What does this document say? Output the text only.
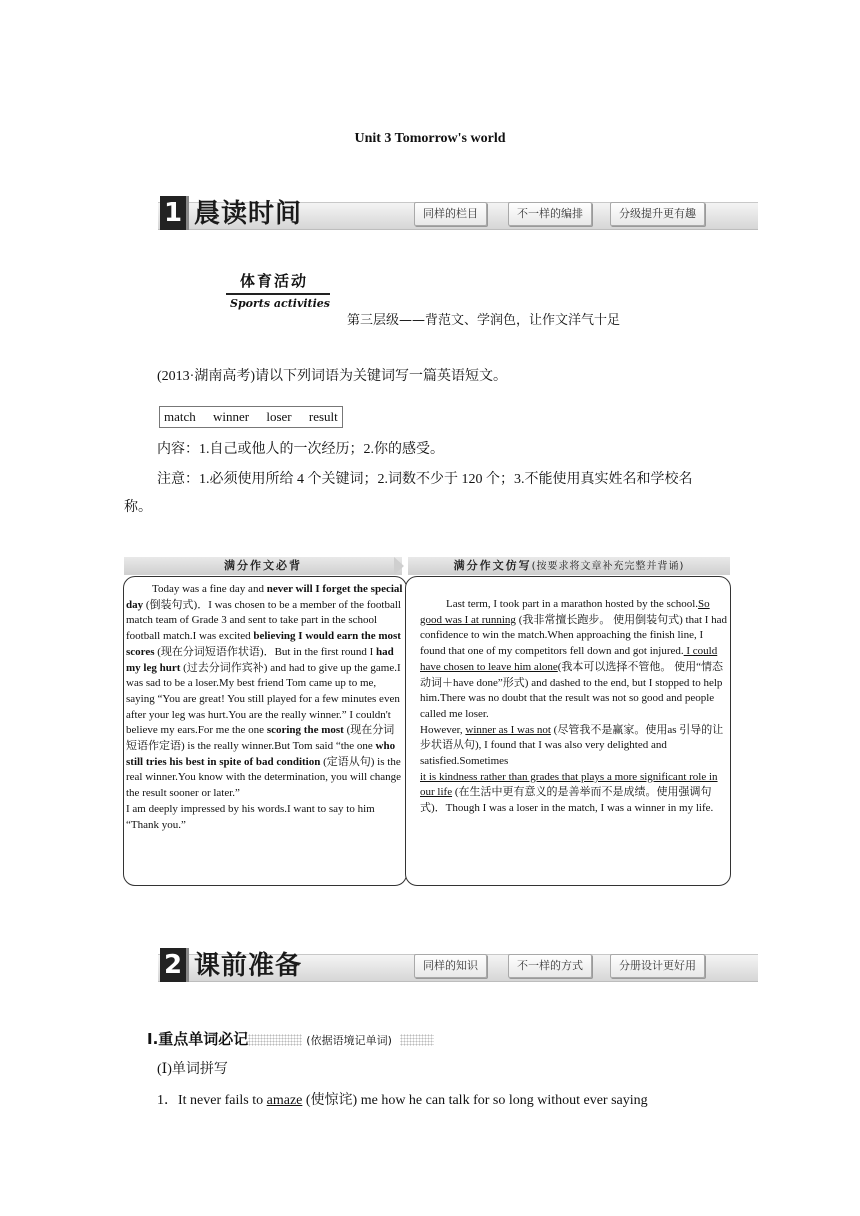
Unit 3 Tomorrow's world
1 晨读时间	同样的栏目	不一样的编排	分级提升更有趣
体育活动
Sports activities
第三层级——背范文、学润色，让作文洋气十足
(2013·湖南高考)请以下列词语为关键词写一篇英语短文。
match winner loser result
内容：1.自己或他人的一次经历；2.你的感受。
注意：1.必须使用所给 4 个关键词；2.词数不少于 120 个；3.不能使用真实姓名和学校名
称。
满分作文必背	满分作文仿写(按要求将文章补充完整并背诵)
Today was a fine day and never will I forget the special day (倒装句式)．I was chosen to be a member of the football match team of Grade 3 and sent to take part in the school football match.I was excited believing I would earn the most scores (现在分词短语作状语)．But in the first round I had my leg hurt (过去分词作宾补) and had to give up the game.I was sad to be a loser.My best friend Tom came up to me, saying “You are great! You still played for a few minutes even after your leg was hurt.You are the really winner.” I couldn't believe my ears.For me the one scoring the most (现在分词短语作定语) is the really winner.But Tom said “the one who still tries his best in spite of bad condition (定语从句) is the real winner.You know with the determination, you will change the result sooner or later.”
I am deeply impressed by his words.I want to say to him “Thank you.”
Last term, I took part in a marathon hosted by the school.So good was I at running (我非常擅长跑步。 使用倒装句式) that I had confidence to win the match.When approaching the finish line, I found that one of my competitors fell down and got injured. I could have chosen to leave him alone(我本可以选择不管他。 使用“情态动词＋have done”形式) and dashed to the end, but I stopped to help him.There was no doubt that the result was not so good and people called me loser.
However, winner as I was not (尽管我不是赢家。使用as 引导的让步状语从句), I found that I was also very delighted and satisfied.Sometimes
it is kindness rather than grades that plays a more significant role in our life (在生活中更有意义的是善举而不是成绩。使用强调句式)．Though I was a loser in the match, I was a winner in my life.
2 课前准备	同样的知识	不一样的方式	分册设计更好用
Ⅰ.重点单词必记	(依据语境记单词)
(Ⅰ)单词拼写
1．It never fails to amaze (使惊诧) me how he can talk for so long without ever saying
